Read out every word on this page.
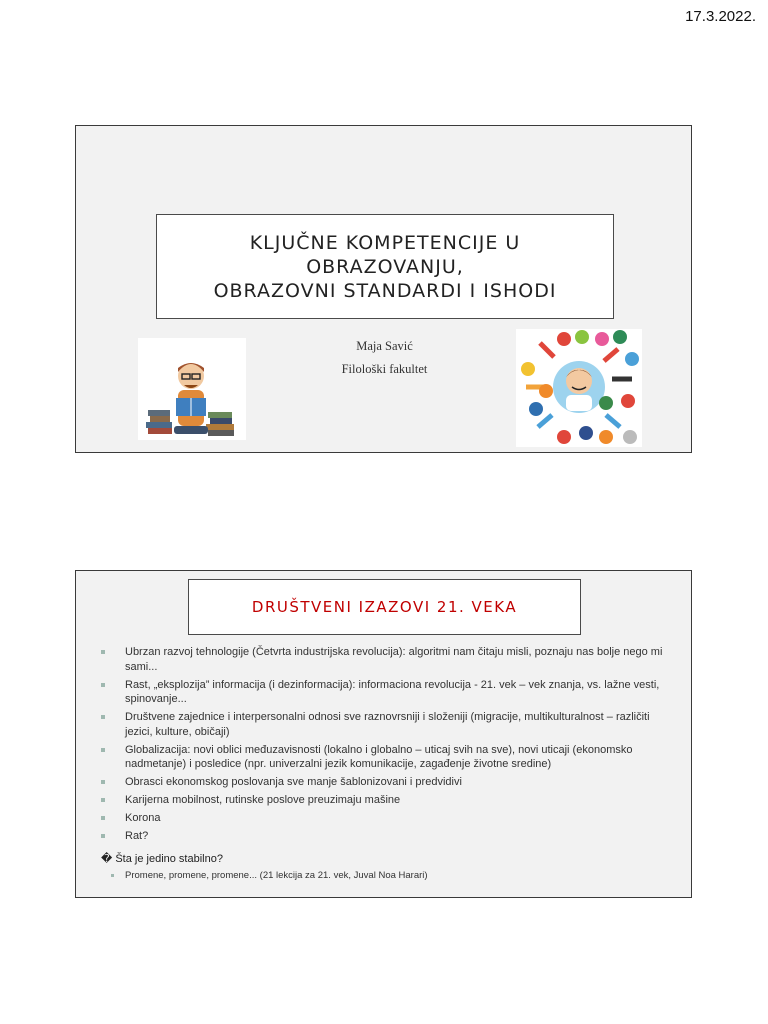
17.3.2022.
KLJUČNE KOMPETENCIJE U
OBRAZOVANJU,
OBRAZOVNI STANDARDI I ISHODI
Maja Savić
Filološki fakultet
DRUŠTVENI IZAZOVI 21. VEKA
Ubrzan razvoj tehnologije (Četvrta industrijska revolucija): algoritmi nam čitaju misli, poznaju nas bolje nego mi sami...
Rast, „eksplozija” informacija (i dezinformacija): informaciona revolucija - 21. vek – vek znanja, vs. lažne vesti, spinovanje...
Društvene zajednice i interpersonalni odnosi sve raznovrsniji i složeniji (migracije, multikulturalnost – različiti jezici, kulture, običaji)
Globalizacija: novi oblici međuzavisnosti (lokalno i globalno – uticaj svih na sve), novi uticaji (ekonomsko nadmetanje) i posledice (npr. univerzalni jezik komunikacije, zagađenje životne sredine)
Obrasci ekonomskog poslovanja sve manje šablonizovani i predvidivi
Karijerna mobilnost, rutinske poslove preuzimaju mašine
Korona
Rat?
� Šta je jedino stabilno?
Promene, promene, promene... (21 lekcija za 21. vek, Juval Noa Harari)
